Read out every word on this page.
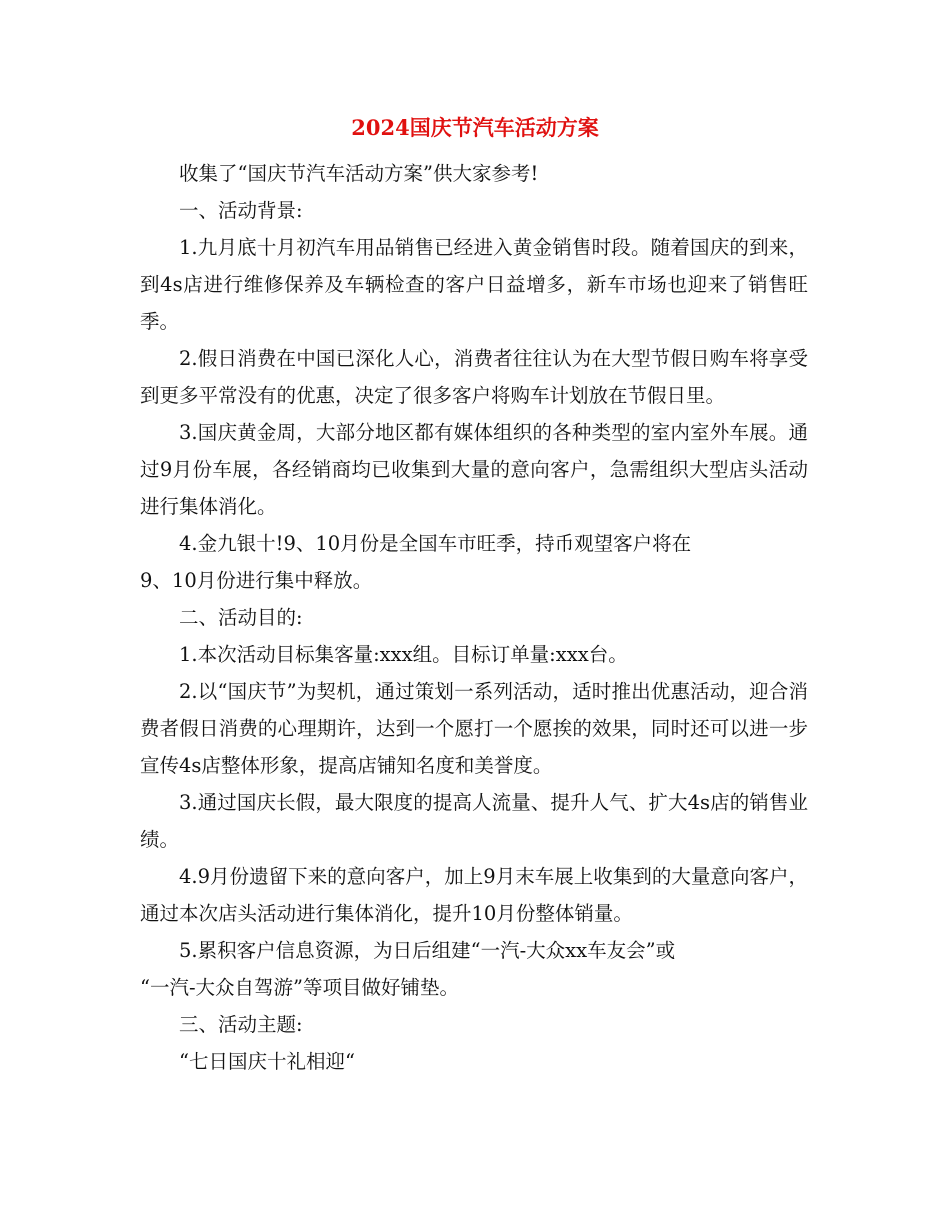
2024国庆节汽车活动方案

收集了“国庆节汽车活动方案”供大家参考!

一、活动背景:

1.九月底十月初汽车用品销售已经进入黄金销售时段。随着国庆的到来，到4s店进行维修保养及车辆检查的客户日益增多，新车市场也迎来了销售旺季。

2.假日消费在中国已深化人心，消费者往往认为在大型节假日购车将享受到更多平常没有的优惠，决定了很多客户将购车计划放在节假日里。

3.国庆黄金周，大部分地区都有媒体组织的各种类型的室内室外车展。通过9月份车展，各经销商均已收集到大量的意向客户，急需组织大型店头活动进行集体消化。

4.金九银十!9、10月份是全国车市旺季，持币观望客户将在
9、10月份进行集中释放。

二、活动目的:

1.本次活动目标集客量:xxx组。目标订单量:xxx台。

2.以“国庆节”为契机，通过策划一系列活动，适时推出优惠活动，迎合消费者假日消费的心理期许，达到一个愿打一个愿挨的效果，同时还可以进一步宣传4s店整体形象，提高店铺知名度和美誉度。

3.通过国庆长假，最大限度的提高人流量、提升人气、扩大4s店的销售业绩。

4.9月份遗留下来的意向客户，加上9月末车展上收集到的大量意向客户，通过本次店头活动进行集体消化，提升10月份整体销量。

5.累积客户信息资源，为日后组建“一汽-大众xx车友会”或
“一汽-大众自驾游”等项目做好铺垫。

三、活动主题:

“七日国庆十礼相迎“
